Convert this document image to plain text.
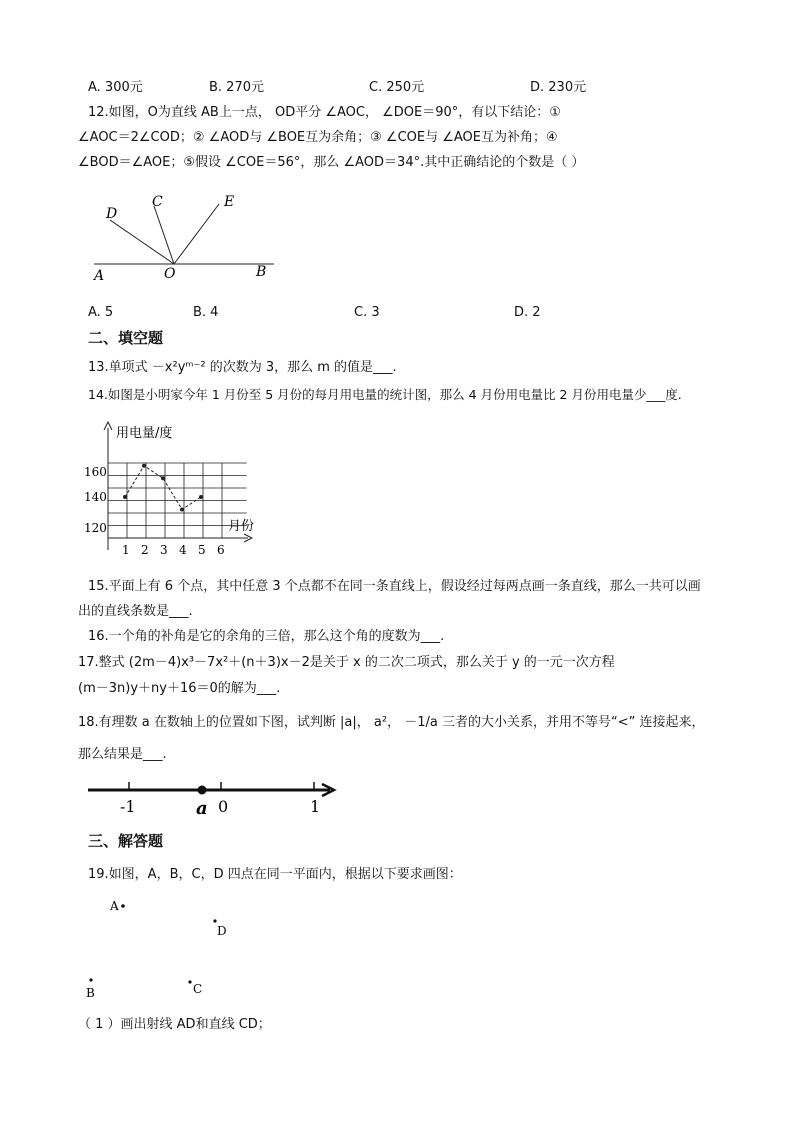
A. 300元	B. 270元	C. 250元	D. 230元
12.如图，O为直线 AB上一点， OD平分 ∠AOC， ∠DOE＝90°，有以下结论：①
∠AOC＝2∠COD；② ∠AOD与 ∠BOE互为余角；③ ∠COE与 ∠AOE互为补角；④
∠BOD＝∠AOE；⑤假设 ∠COE＝56°，那么 ∠AOD＝34°.其中正确结论的个数是（ ）
D
C	E
A	O	B
A. 5	B. 4	C. 3	D. 2
二、填空题
13.单项式 －x²yᵐ⁻² 的次数为 3，那么 m 的值是___.
14.如图是小明家今年 1 月份至 5 月份的每月用电量的统计图，那么 4 月份用电量比 2 月份用电量少___度.
用电量/度
月份
160
140
120
1 2 3 4 5 6
15.平面上有 6 个点，其中任意 3 个点都不在同一条直线上，假设经过每两点画一条直线，那么一共可以画
出的直线条数是___.
16.一个角的补角是它的余角的三倍，那么这个角的度数为___.
17.整式 (2m－4)x³－7x²＋(n＋3)x－2是关于 x 的二次二项式，那么关于 y 的一元一次方程
(m－3n)y＋ny＋16＝0的解为___.
18.有理数 a 在数轴上的位置如下图，试判断 |a|， a²， －1/a 三者的大小关系，并用不等号“<” 连接起来，
那么结果是___.
-1	a 0	1
三、解答题
19.如图，A，B，C，D 四点在同一平面内，根据以下要求画图：
A
D
B	C
（ 1 ）画出射线 AD和直线 CD；
